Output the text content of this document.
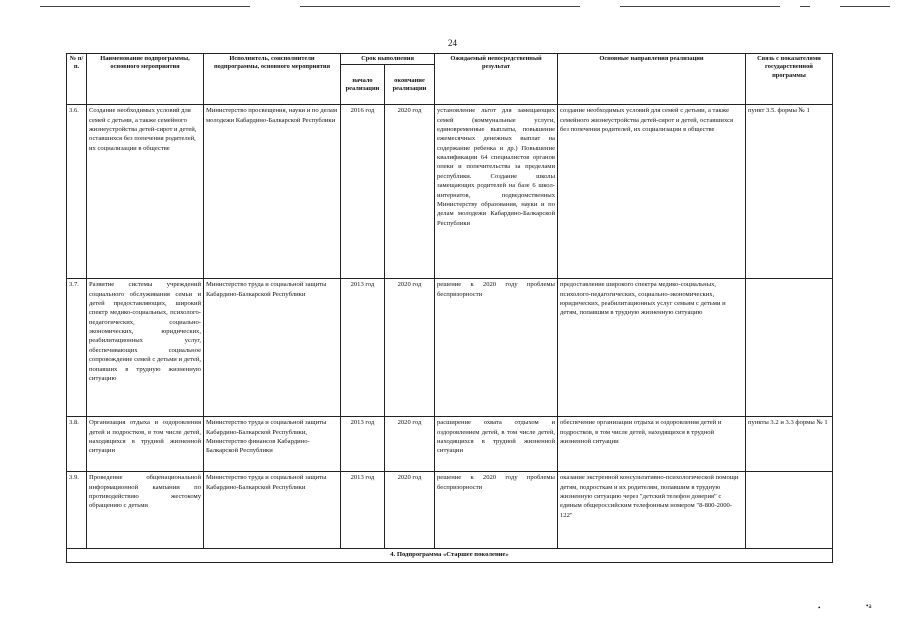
24
№ п/п.	Наименование подпрограммы, основного мероприятия	Исполнитель, соисполнители подпрограммы, основного мероприятия	Срок выполнения		Ожидаемый непосредственный результат	Основные направления реализации	Связь с показателями государственной программы
			начало реализации	окончание реализации			
3.6.	Создание необходимых условий для семей с детьми, а также семейного жизнеустройства детей-сирот и детей, оставшихся без попечения родителей, их социализации в обществе	Министерство просвещения, науки и по делам молодежи Кабардино-Балкарской Республики	2016 год	2020 год	установление льгот для замещающих семей (коммунальные услуги, единовременные выплаты, повышение ежемесячных денежных выплат на содержание ребенка и др.) Повышение квалификации 64 специалистов органов опеки и попечительства за пределами республики. Создание школы замещающих родителей на базе 6 школ-интернатов, подведомственных Министерству образования, науки и по делам молодежи Кабардино-Балкарской Республики	создание необходимых условий для семей с детьми, а также семейного жизнеустройства детей-сирот и детей, оставшихся без попечения родителей, их социализации в обществе	пункт 3.5. формы № 1
3.7.	Развитие системы учреждений социального обслуживания семьи и детей предоставляющих, широкий спектр медико-социальных, психолого-педагогических, социально-экономических, юридических, реабилитационных услуг, обеспечивающих социальное сопровождение семей с детьми и детей, попавших в трудную жизненную ситуацию	Министерство труда и социальной защиты Кабардино-Балкарской Республики	2013 год	2020 год	решение к 2020 году проблемы беспризорности	предоставление широкого спектра медико-социальных, психолого-педагогических, социально-экономических, юридических, реабилитационных услуг семьям с детьми и детям, попавшим в трудную жизненную ситуацию	
3.8.	Организация отдыха и оздоровления детей и подростков, в том числе детей, находящихся в трудной жизненной ситуации	Министерство труда и социальной защиты Кабардино-Балкарской Республики, Министерство финансов Кабардино-Балкарской Республики	2013 год	2020 год	расширение охвата отдыхом и оздоровлением детей, в том числе детей, находящихся в трудной жизненной ситуации	обеспечение организации отдыха и оздоровления детей и подростков, в том числе детей, находящихся в трудной жизненной ситуации	пункты 3.2 и 3.3 формы № 1
3.9.	Проведение общенациональной информационной кампании по противодействию жестокому обращению с детьми	Министерство труда и социальной защиты Кабардино-Балкарской Республики	2013 год	2020 год	решение к 2020 году проблемы беспризорности	оказание экстренной консультативно-психологической помощи детям, подросткам и их родителям, попавшим в трудную жизненную ситуацию через "детский телефон доверия" с единым общероссийским телефонным номером "8-800-2000-122"	
4. Подпрограмма «Старшее поколение»							
•	•a
